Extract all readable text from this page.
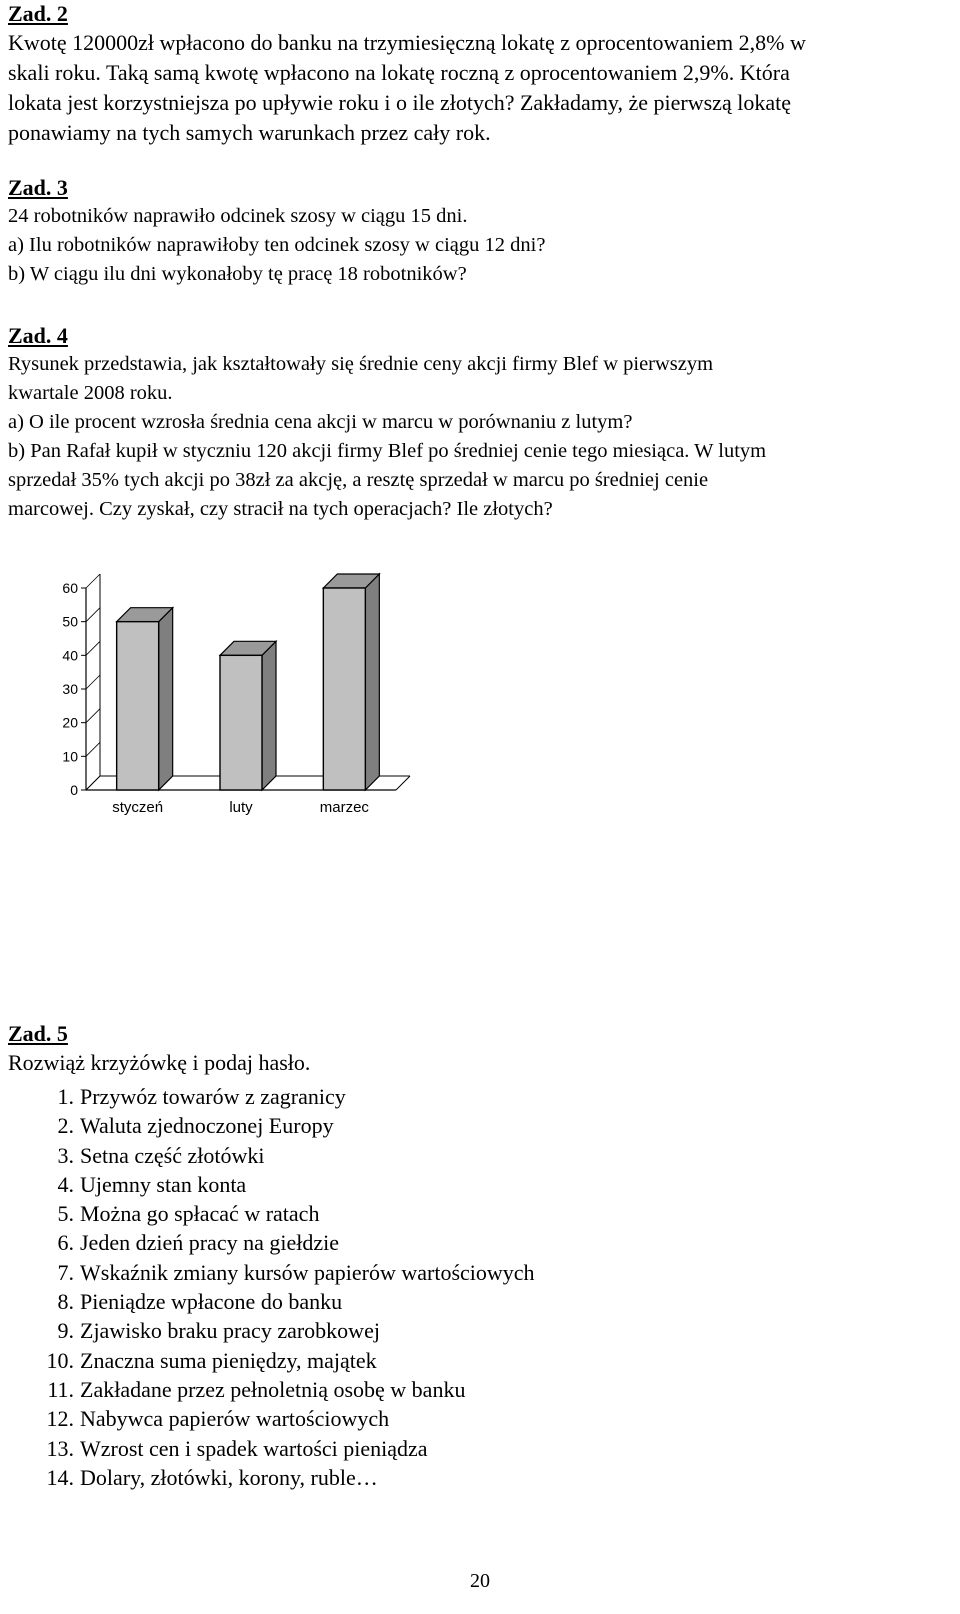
Zad. 2

Kwotę 120000zł wpłacono do banku na trzymiesięczną lokatę z oprocentowaniem 2,8% w
skali roku. Taką samą kwotę wpłacono na lokatę roczną z oprocentowaniem 2,9%. Która
lokata jest korzystniejsza po upływie roku i o ile złotych? Zakładamy, że pierwszą lokatę
ponawiamy na tych samych warunkach przez cały rok.

Zad. 3

24 robotników naprawiło odcinek szosy w ciągu 15 dni.
a) Ilu robotników naprawiłoby ten odcinek szosy w ciągu 12 dni?
b) W ciągu ilu dni wykonałoby tę pracę 18 robotników?

Zad. 4

Rysunek przedstawia, jak kształtowały się średnie ceny akcji firmy Blef w pierwszym
kwartale 2008 roku.
a) O ile procent wzrosła średnia cena akcji w marcu w porównaniu z lutym?
b) Pan Rafał kupił w styczniu 120 akcji firmy Blef po średniej cenie tego miesiąca. W lutym
sprzedał 35% tych akcji po 38zł za akcję, a resztę sprzedał w marcu po średniej cenie
marcowej. Czy zyskał, czy stracił na tych operacjach? Ile złotych?

0
10
20
30
40
50
60
styczeń	luty	marzec

Zad. 5

Rozwiąż krzyżówkę i podaj hasło.

1. Przywóz towarów z zagranicy
2. Waluta zjednoczonej Europy
3. Setna część złotówki
4. Ujemny stan konta
5. Można go spłacać w ratach
6. Jeden dzień pracy na giełdzie
7. Wskaźnik zmiany kursów papierów wartościowych
8. Pieniądze wpłacone do banku
9. Zjawisko braku pracy zarobkowej
10. Znaczna suma pieniędzy, majątek
11. Zakładane przez pełnoletnią osobę w banku
12. Nabywca papierów wartościowych
13. Wzrost cen i spadek wartości pieniądza
14. Dolary, złotówki, korony, ruble…
20
